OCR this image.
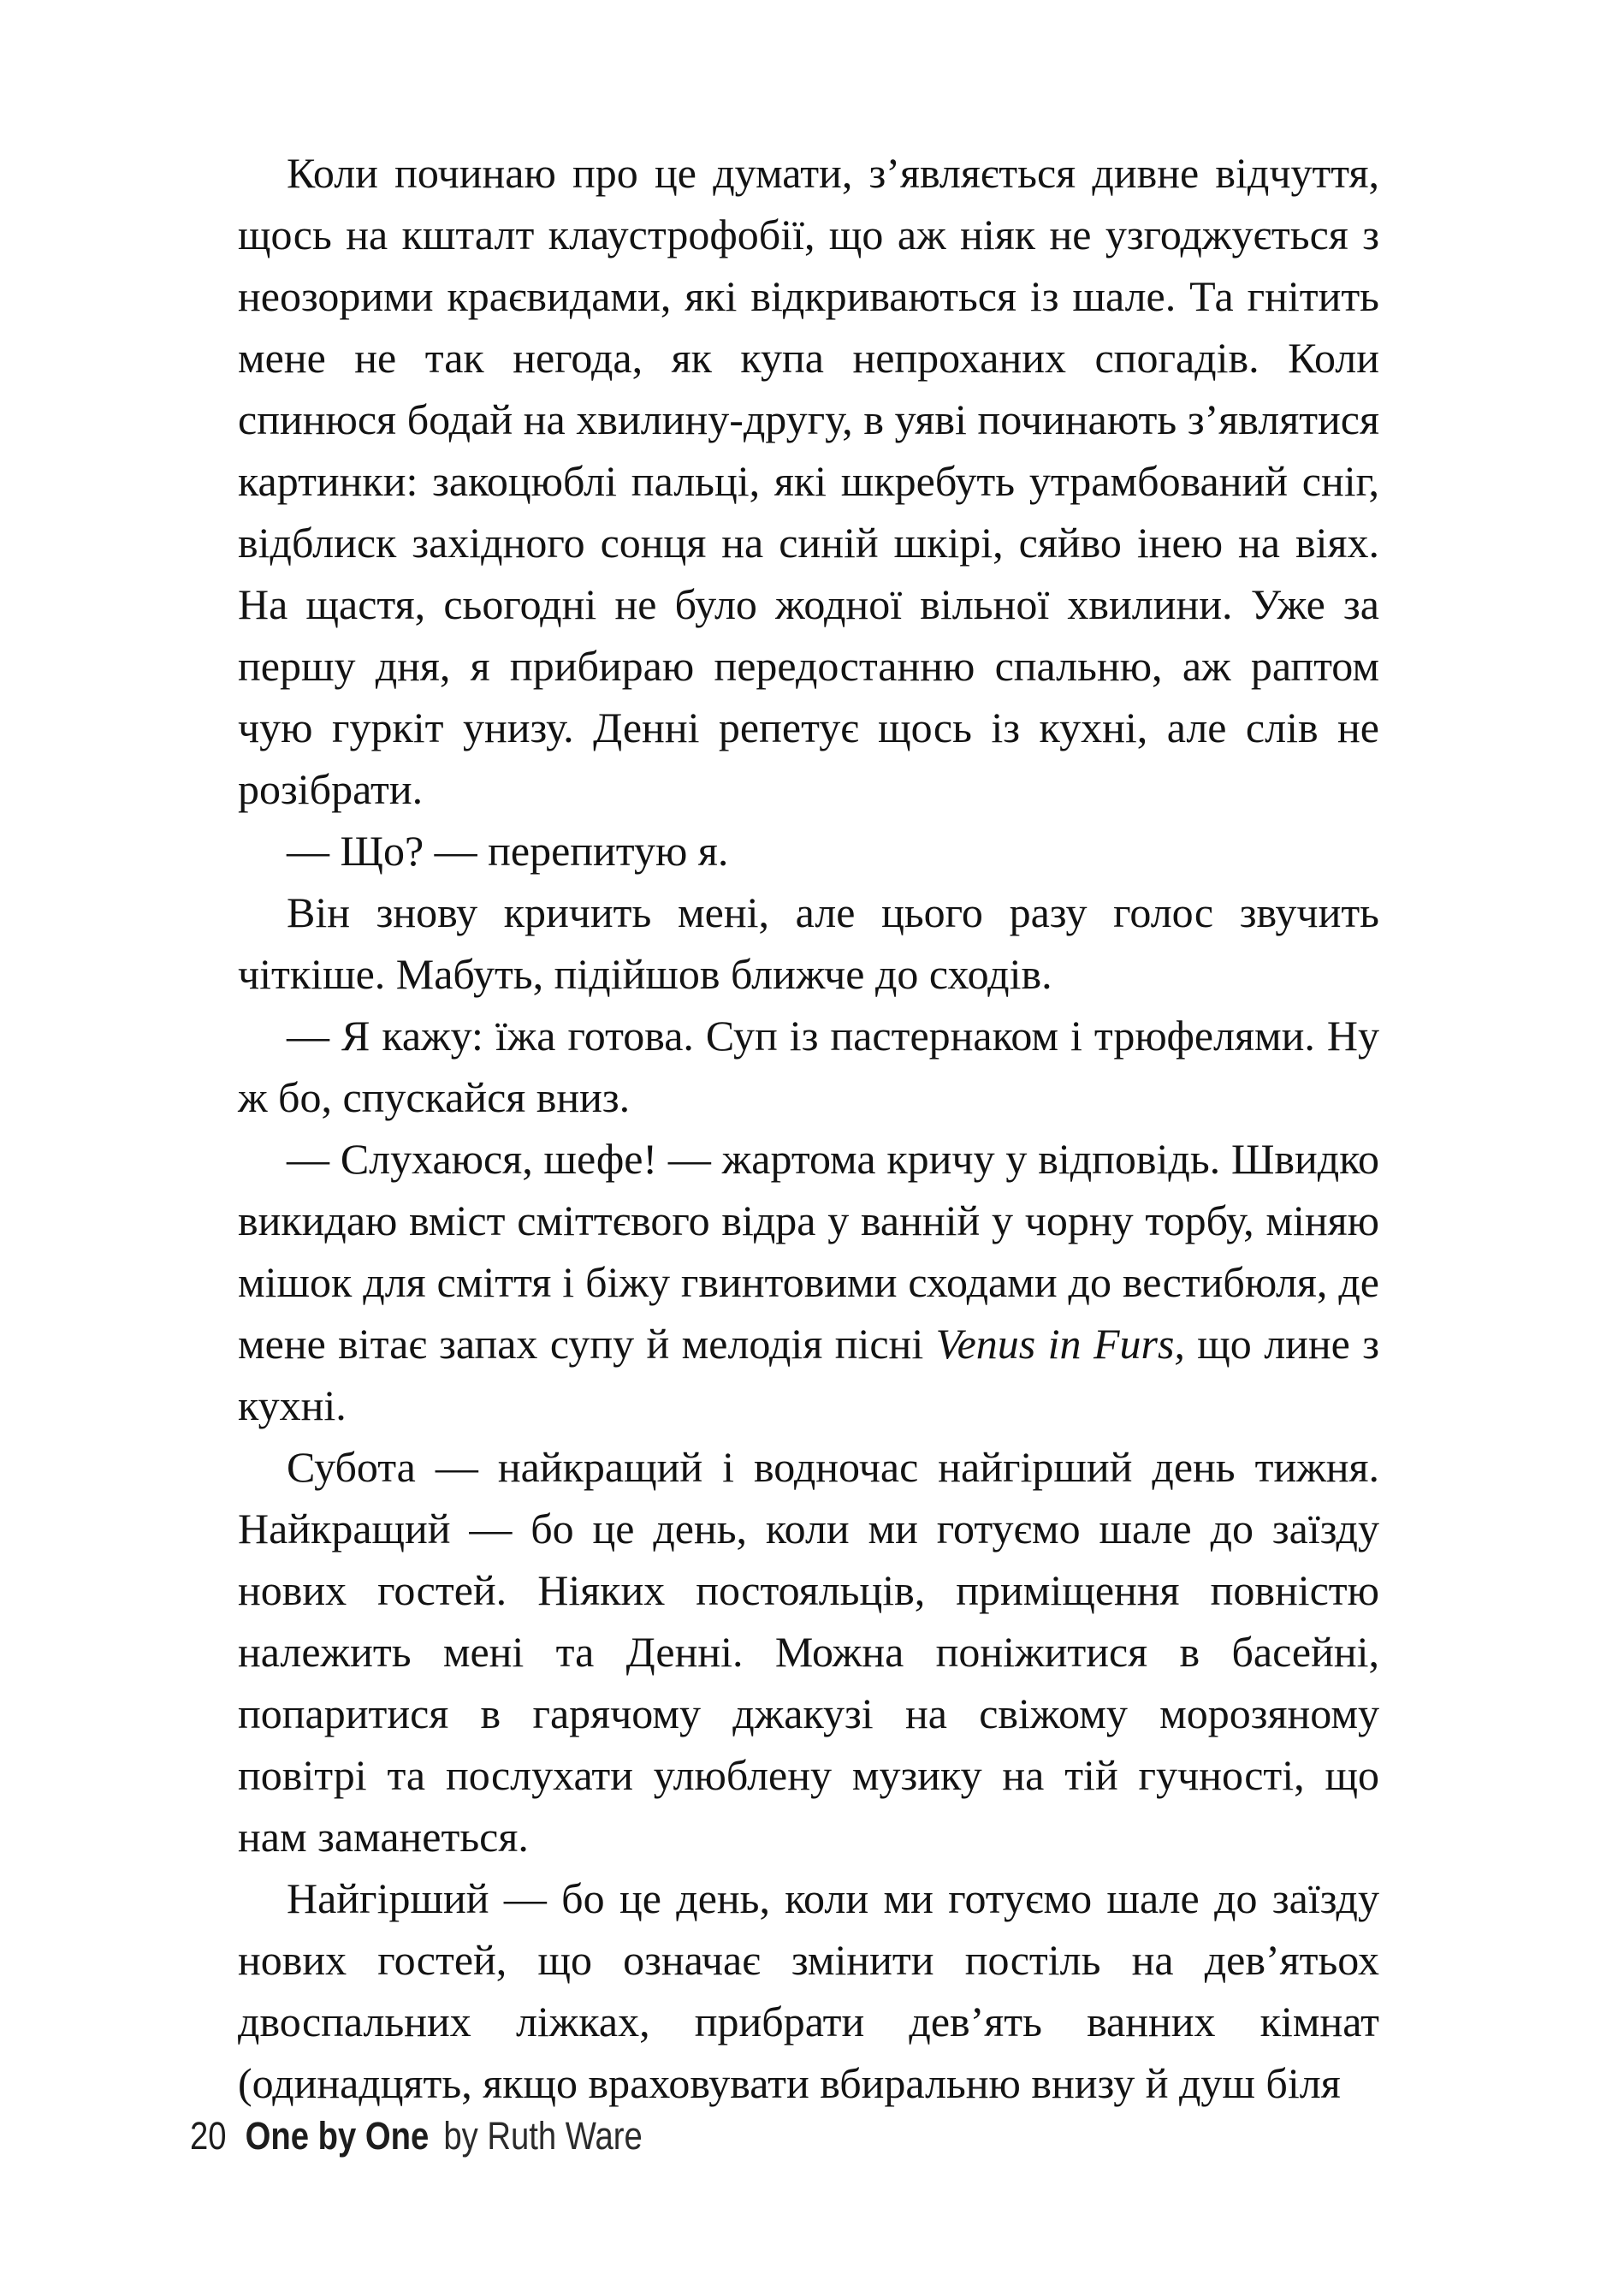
Коли починаю про це думати, з’являється дивне відчуття, щось на кшталт клаустрофобії, що аж ніяк не узгоджується з неозорими краєвидами, які відкриваються із шале. Та гнітить мене не так негода, як купа непроханих спогадів. Коли спинюся бодай на хвилину-другу, в уяві починають з’являтися картинки: закоцюблі пальці, які шкребуть утрамбований сніг, відблиск західного сонця на синій шкірі, сяйво інею на віях. На щастя, сьогодні не було жодної вільної хвилини. Уже за першу дня, я прибираю передостанню спальню, аж раптом чую гуркіт унизу. Денні репетує щось із кухні, але слів не розібрати.

— Що? — перепитую я.

Він знову кричить мені, але цього разу голос звучить чіткіше. Мабуть, підійшов ближче до сходів.

— Я кажу: їжа готова. Суп із пастернаком і трюфелями. Ну ж бо, спускайся вниз.

— Слухаюся, шефе! — жартома кричу у відповідь. Швидко викидаю вміст сміттєвого відра у ванній у чорну торбу, міняю мішок для сміття і біжу гвинтовими сходами до вестибюля, де мене вітає запах супу й мелодія пісні Venus in Furs, що лине з кухні.

Субота — найкращий і водночас найгірший день тижня. Найкращий — бо це день, коли ми готуємо шале до заїзду нових гостей. Ніяких постояльців, приміщення повністю належить мені та Денні. Можна поніжитися в басейні, попаритися в гарячому джакузі на свіжому морозяному повітрі та послухати улюблену музику на тій гучності, що нам заманеться.

Найгірший — бо це день, коли ми готуємо шале до заїзду нових гостей, що означає змінити постіль на дев’ятьох двоспальних ліжках, прибрати дев’ять ванних кімнат (одинадцять, якщо враховувати вбиральню внизу й душ біля

20 One by One by Ruth Ware
